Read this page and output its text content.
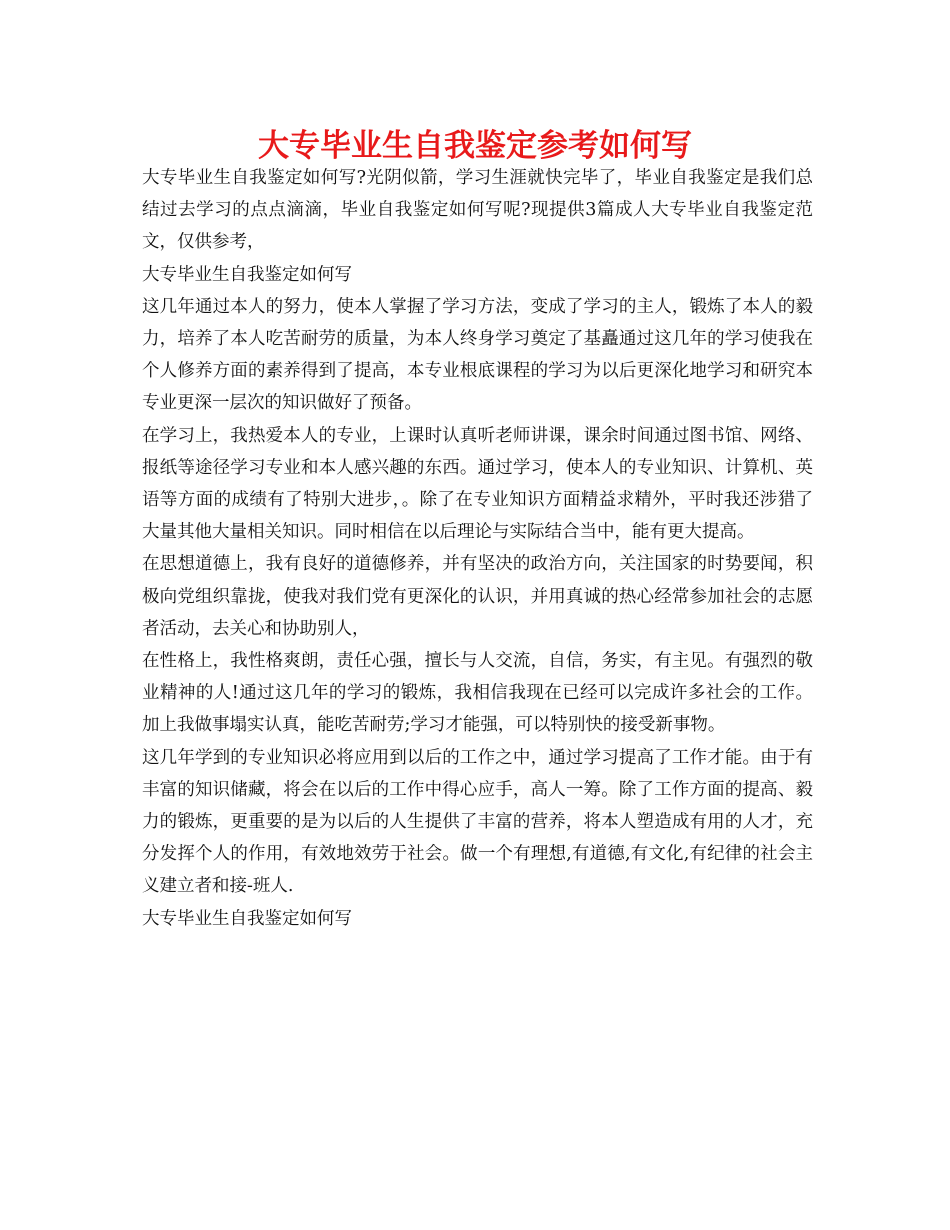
大专毕业生自我鉴定参考如何写

大专毕业生自我鉴定如何写?光阴似箭，学习生涯就快完毕了，毕业自我鉴定是我们总结过去学习的点点滴滴，毕业自我鉴定如何写呢?现提供3篇成人大专毕业自我鉴定范文，仅供参考，

大专毕业生自我鉴定如何写

这几年通过本人的努力，使本人掌握了学习方法，变成了学习的主人，锻炼了本人的毅力，培养了本人吃苦耐劳的质量，为本人终身学习奠定了基矗通过这几年的学习使我在个人修养方面的素养得到了提高，本专业根底课程的学习为以后更深化地学习和研究本专业更深一层次的知识做好了预备。

在学习上，我热爱本人的专业，上课时认真听老师讲课，课余时间通过图书馆、网络、报纸等途径学习专业和本人感兴趣的东西。通过学习，使本人的专业知识、计算机、英语等方面的成绩有了特别大进步，。除了在专业知识方面精益求精外，平时我还涉猎了大量其他大量相关知识。同时相信在以后理论与实际结合当中，能有更大提高。

在思想道德上，我有良好的道德修养，并有坚决的政治方向，关注国家的时势要闻，积极向党组织靠拢，使我对我们党有更深化的认识，并用真诚的热心经常参加社会的志愿者活动，去关心和协助别人，

在性格上，我性格爽朗，责任心强，擅长与人交流，自信，务实，有主见。有强烈的敬业精神的人!通过这几年的学习的锻炼，我相信我现在已经可以完成许多社会的工作。加上我做事塌实认真，能吃苦耐劳;学习才能强，可以特别快的接受新事物。

这几年学到的专业知识必将应用到以后的工作之中，通过学习提高了工作才能。由于有丰富的知识储藏，将会在以后的工作中得心应手，高人一筹。除了工作方面的提高、毅力的锻炼，更重要的是为以后的人生提供了丰富的营养，将本人塑造成有用的人才，充分发挥个人的作用，有效地效劳于社会。做一个有理想,有道德,有文化,有纪律的社会主义建立者和接-班人.

大专毕业生自我鉴定如何写
